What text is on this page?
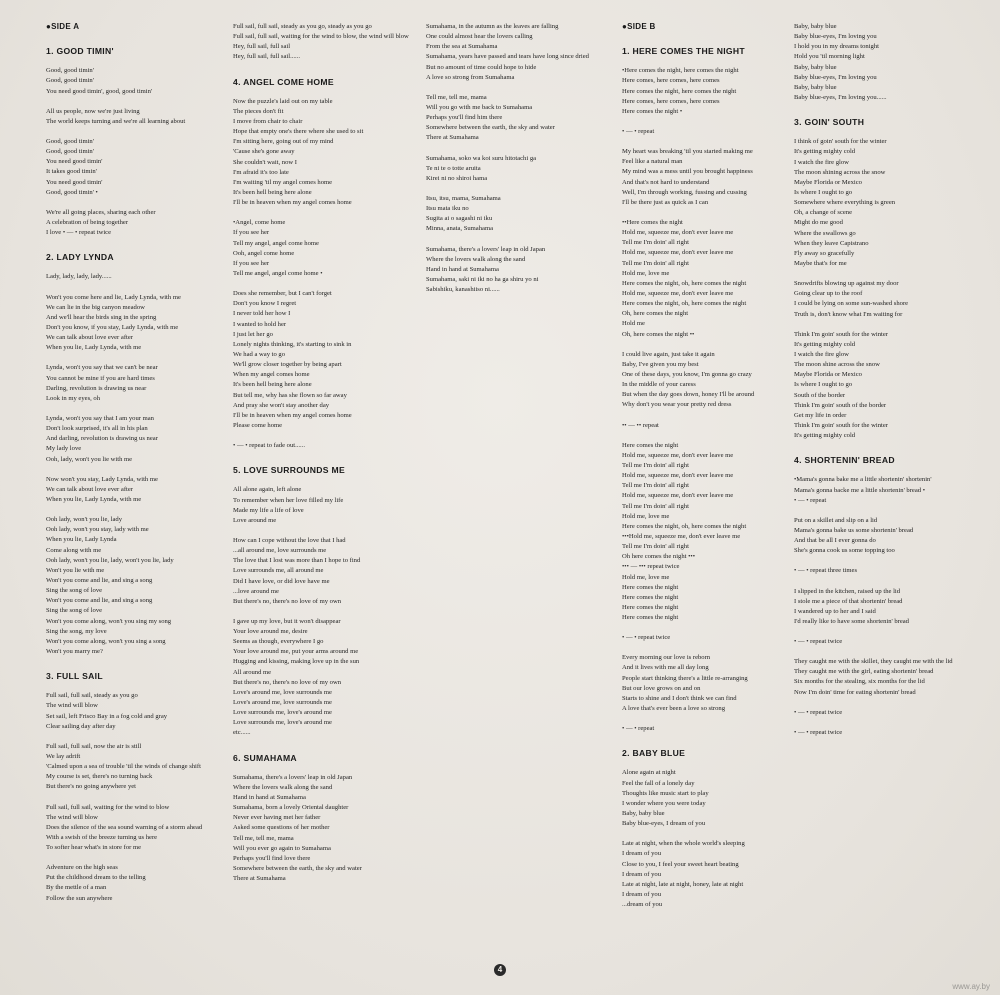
●SIDE A
1. GOOD TIMIN'
Good, good timin'
Good, good timin'
You need good timin', good, good timin'
All us people, now we're just living
The world keeps turning and we're all learning about
Good, good timin'
Good, good timin'
You need good timin'
It takes good timin'
You need good timin'
Good, good timin' •
We're all going places, sharing each other
A celebration of being together
I love • — • repeat twice
2. LADY LYNDA
Lady, lady, lady, lady......
Won't you come here and lie, Lady Lynda, with me
We can lie in the big canyon meadow
And we'll hear the birds sing in the spring
Don't you know, if you stay, Lady Lynda, with me
We can talk about love ever after
When you lie, Lady Lynda, with me
Lynda, won't you say that we can't be near
You cannot be mine if you are hard times
Darling, revolution is drawing us near
Look in my eyes, oh
Lynda, won't you say that I am your man
Don't look surprised, it's all in his plan
And darling, revolution is drawing us near
My lady love
Ooh, lady, won't you lie with me
Now won't you stay, Lady Lynda, with me
We can talk about love ever after
When you lie, Lady Lynda, with me
Ooh lady, won't you lie, lady
Ooh lady, won't you stay, lady with me
When you lie, Lady Lynda
Come along with me
Ooh lady, won't you lie, lady, won't you lie, lady
Won't you lie with me
Won't you come and lie, and sing a song
Sing the song of love
Won't you come and lie, and sing a song
Sing the song of love
Won't you come along, won't you sing my song
Sing the song, my love
Won't you come along, won't you sing a song
Won't you marry me?
3. FULL SAIL
Full sail, full sail, steady as you go
The wind will blow
Set sail, left Frisco Bay in a fog cold and gray
Clear sailing day after day
Full sail, full sail, now the air is still
We lay adrift
'Calmed upon a sea of trouble 'til the winds of change shift
My course is set, there's no turning back
But there's no going anywhere yet
Full sail, full sail, waiting for the wind to blow
The wind will blow
Does the silence of the sea sound warning of a storm ahead
With a swish of the breeze turning us here
To softer hear what's in store for me
Adventure on the high seas
Put the childhood dream to the telling
By the mettle of a man
Follow the sun anywhere
Full sail, full sail, steady as you go, steady as you go
Full sail, full sail, waiting for the wind to blow, the wind will blow
Hey, full sail, full sail
Hey, full sail, full sail......
4. ANGEL COME HOME
Now the puzzle's laid out on my table
The pieces don't fit
I move from chair to chair
Hope that empty one's there where she used to sit
I'm sitting here, going out of my mind
'Cause she's gone away
She couldn't wait, now I
I'm afraid it's too late
I'm waiting 'til my angel comes home
It's been hell being here alone
I'll be in heaven when my angel comes home
•Angel, come home
If you see her
Tell my angel, angel come home
Ooh, angel come home
If you see her
Tell me angel, angel come home •
Does she remember, but I can't forget
Don't you know I regret
I never told her how I
I wanted to hold her
I just let her go
Lonely nights thinking, it's starting to sink in
We had a way to go
We'll grow closer together by being apart
When my angel comes home
It's been hell being here alone
But tell me, why has she flown so far away
And pray she won't stay another day
I'll be in heaven when my angel comes home
Please come home
• — • repeat to fade out......
5. LOVE SURROUNDS ME
All alone again, left alone
To remember when her love filled my life
Made my life a life of love
Love around me
How can I cope without the love that I had
...all around me, love surrounds me
The love that I lost was more than I hope to find
Love surrounds me, all around me
Did I have love, or did love have me
...love around me
But there's no, there's no love of my own
I gave up my love, but it won't disappear
Your love around me, desire
Seems as though, everywhere I go
Your love around me, put your arms around me
Hugging and kissing, making love up in the sun
All around me
But there's no, there's no love of my own
Love's around me, love surrounds me
Love's around me, love surrounds me
Love surrounds me, love's around me
Love surrounds me, love's around me
etc......
6. SUMAHAMA
Sumahama, there's a lovers' leap in old Japan
Where the lovers walk along the sand
Hand in hand at Sumahama
Sumahama, born a lovely Oriental daughter
Never ever having met her father
Asked some questions of her mother
Tell me, tell me, mama
Will you ever go again to Sumahama
Perhaps you'll find love there
Somewhere between the earth, the sky and water
There at Sumahama
Sumahama, in the autumn as the leaves are falling
One could almost hear the lovers calling
From the sea at Sumahama
Sumahama, years have passed and tears have long since dried
But no amount of time could hope to hide
A love so strong from Sumahama
Tell me, tell me, mama
Will you go with me back to Sumahama
Perhaps you'll find him there
Somewhere between the earth, the sky and water
There at Sumahama
Sumahama, soko wa koi suru hitotachi ga
Te ni te o totte aruita
Kirei ni no shiroi hama
Itsu, itsu, mama, Sumahama
Itsu mata iku no
Sugita ai o sagashi ni iku
Minna, anata, Sumahama
Sumahama, there's a lovers' leap in old Japan
Where the lovers walk along the sand
Hand in hand at Sumahama
Sumahama, saki ni iki no ha ga shiru yo ni
Sabishiku, kanashiiso ni......
●SIDE B
1. HERE COMES THE NIGHT
•Here comes the night, here comes the night
Here comes, here comes, here comes
Here comes the night, here comes the night
Here comes, here comes, here comes
Here comes the night •
• — • repeat
My heart was breaking 'til you started making me
Feel like a natural man
My mind was a mess until you brought happiness
And that's not hard to understand
Well, I'm through working, fussing and cussing
I'll be there just as quick as I can
••Here comes the night
Hold me, squeeze me, don't ever leave me
Tell me I'm doin' all right
Hold me, squeeze me, don't ever leave me
Tell me I'm doin' all right
Hold me, love me
Here comes the night, oh, here comes the night
Hold me, squeeze me, don't ever leave me
Here comes the night, oh, here comes the night
Oh, here comes the night
Hold me
Oh, here comes the night ••
I could live again, just take it again
Baby, I've given you my best
One of these days, you know, I'm gonna go crazy
In the middle of your caress
But when the day goes down, honey I'll be around
Why don't you wear your pretty red dress
•• — •• repeat
Here comes the night
Hold me, squeeze me, don't ever leave me
Tell me I'm doin' all right
Hold me, squeeze me, don't ever leave me
Tell me I'm doin' all right
Hold me, squeeze me, don't ever leave me
Tell me I'm doin' all right
Hold me, love me
Here comes the night, oh, here comes the night
•••Hold me, squeeze me, don't ever leave me
Tell me I'm doin' all right
Oh here comes the night •••
••• — ••• repeat twice
Hold me, love me
Here comes the night
Here comes the night
Here comes the night
Here comes the night
• — • repeat twice
Every morning our love is reborn
And it lives with me all day long
People start thinking there's a little re-arranging
But our love grows on and on
Starts to shine and I don't think we can find
A love that's ever been a love so strong
• — • repeat
2. BABY BLUE
Alone again at night
Feel the fall of a lonely day
Thoughts like music start to play
I wonder where you were today
Baby, baby blue
Baby blue-eyes, I dream of you
Late at night, when the whole world's sleeping
I dream of you
Close to you, I feel your sweet heart beating
I dream of you
Late at night, late at night, honey, late at night
I dream of you
...dream of you
Baby, baby blue
Baby blue-eyes, I'm loving you
I hold you in my dreams tonight
Hold you 'til morning light
Baby, baby blue
Baby blue-eyes, I'm loving you
Baby, baby blue
Baby blue-eyes, I'm loving you......
3. GOIN' SOUTH
I think of goin' south for the winter
It's getting mighty cold
I watch the fire glow
The moon shining across the snow
Maybe Florida or Mexico
Is where I ought to go
Somewhere where everything is green
Oh, a change of scene
Might do me good
Where the swallows go
When they leave Capistrano
Fly away so gracefully
Maybe that's for me
Snowdrifts blowing up against my door
Going clear up to the roof
I could be lying on some sun-washed shore
Truth is, don't know what I'm waiting for
Think I'm goin' south for the winter
It's getting mighty cold
I watch the fire glow
The moon shine across the snow
Maybe Florida or Mexico
Is where I ought to go
South of the border
Think I'm goin' south of the border
Get my life in order
Think I'm goin' south for the winter
It's getting mighty cold
4. SHORTENIN' BREAD
•Mama's gonna bake me a little shortenin' shortenin'
Mama's gonna backe me a little shortenin' bread •
• — • repeat
Put on a skillet and slip on a lid
Mama's gonna bake us some shortenin' bread
And that be all I ever gonna do
She's gonna cook us some topping too
• — • repeat three times
I slipped in the kitchen, raised up the lid
I stole me a piece of that shortenin' bread
I wandered up to her and I said
I'd really like to have some shortenin' bread
• — • repeat twice
They caught me with the skillet, they caught me with the lid
They caught me with the girl, eating shortenin' bread
Six months for the stealing, six months for the lid
Now I'm doin' time for eating shortenin' bread
• — • repeat twice
• — • repeat twice
4
www.ay.by
